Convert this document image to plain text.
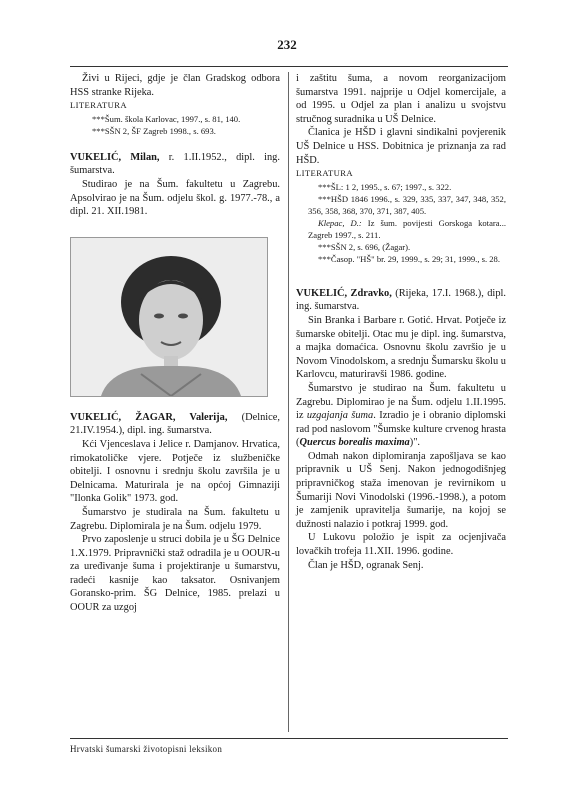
232

Živi u Rijeci, gdje je član Gradskog odbora HSS stranke Rijeka.

LITERATURA

***Šum. škola Karlovac, 1997., s. 81, 140.

***SŠN 2, ŠF Zagreb 1998., s. 693.

VUKELIĆ, Milan, r. 1.II.1952., dipl. ing. šumarstva.

Studirao je na Šum. fakultetu u Zagrebu. Apsolvirao je na Šum. odjelu škol. g. 1977.-78., a dipl. 21. XII.1981.

VUKELIĆ, ŽAGAR, Valerija, (Delnice, 21.IV.1954.), dipl. ing. šumarstva.

Kći Vjenceslava i Jelice r. Damjanov. Hrvatica, rimokatoličke vjere. Potječe iz službeničke obitelji. I osnovnu i srednju školu završila je u Delnicama. Maturirala je na općoj Gimnaziji "Ilonka Golik" 1973. god.

Šumarstvo je studirala na Šum. fakultetu u Zagrebu. Diplomirala je na Šum. odjelu 1979.

Prvo zaposlenje u struci dobila je u ŠG Delnice 1.X.1979. Pripravnički staž odradila je u OOUR-u za uređivanje šuma i projektiranje u šumarstvu, radeći kasnije kao taksator. Osnivanjem Goransko-prim. ŠG Delnice, 1985. prelazi u OOUR za uzgoj

i zaštitu šuma, a novom reorganizacijom šumarstva 1991. najprije u Odjel komercijale, a od 1995. u Odjel za plan i analizu u svojstvu stručnog suradnika u UŠ Delnice.

Članica je HŠD i glavni sindikalni povjerenik UŠ Delnice u HSS. Dobitnica je priznanja za rad HŠD.

LITERATURA

***ŠL: 1 2, 1995., s. 67; 1997., s. 322.

***HŠD 1846 1996., s. 329, 335, 337, 347, 348, 352, 356, 358, 368, 370, 371, 387, 405.

Klepac, D.: Iz šum. povijesti Gorskoga kotara... Zagreb 1997., s. 211.

***SŠN 2, s. 696, (Žagar).

***Časop. "HŠ" br. 29, 1999., s. 29; 31, 1999., s. 28.

VUKELIĆ, Zdravko, (Rijeka, 17.I. 1968.), dipl. ing. šumarstva.

Sin Branka i Barbare r. Gotić. Hrvat. Potječe iz šumarske obitelji. Otac mu je dipl. ing. šumarstva, a majka domaćica. Osnovnu školu završio je u Novom Vinodolskom, a srednju Šumarsku školu u Karlovcu, maturiravši 1986. godine.

Šumarstvo je studirao na Šum. fakultetu u Zagrebu. Diplomirao je na Šum. odjelu 1.II.1995. iz uzgajanja šuma. Izradio je i obranio diplomski rad pod naslovom "Šumske kulture crvenog hrasta (Quercus borealis maxima)".

Odmah nakon diplomiranja zapošljava se kao pripravnik u UŠ Senj. Nakon jednogodišnjeg pripravničkog staža imenovan je revirnikom u Šumariji Novi Vinodolski (1996.-1998.), a potom je zamjenik upravitelja šumarije, na kojoj se dužnosti nalazio i potkraj 1999. god.

U Lukovu položio je ispit za ocjenjivača lovačkih trofeja 11.XII. 1996. godine.

Član je HŠD, ogranak Senj.

Hrvatski šumarski životopisni leksikon
